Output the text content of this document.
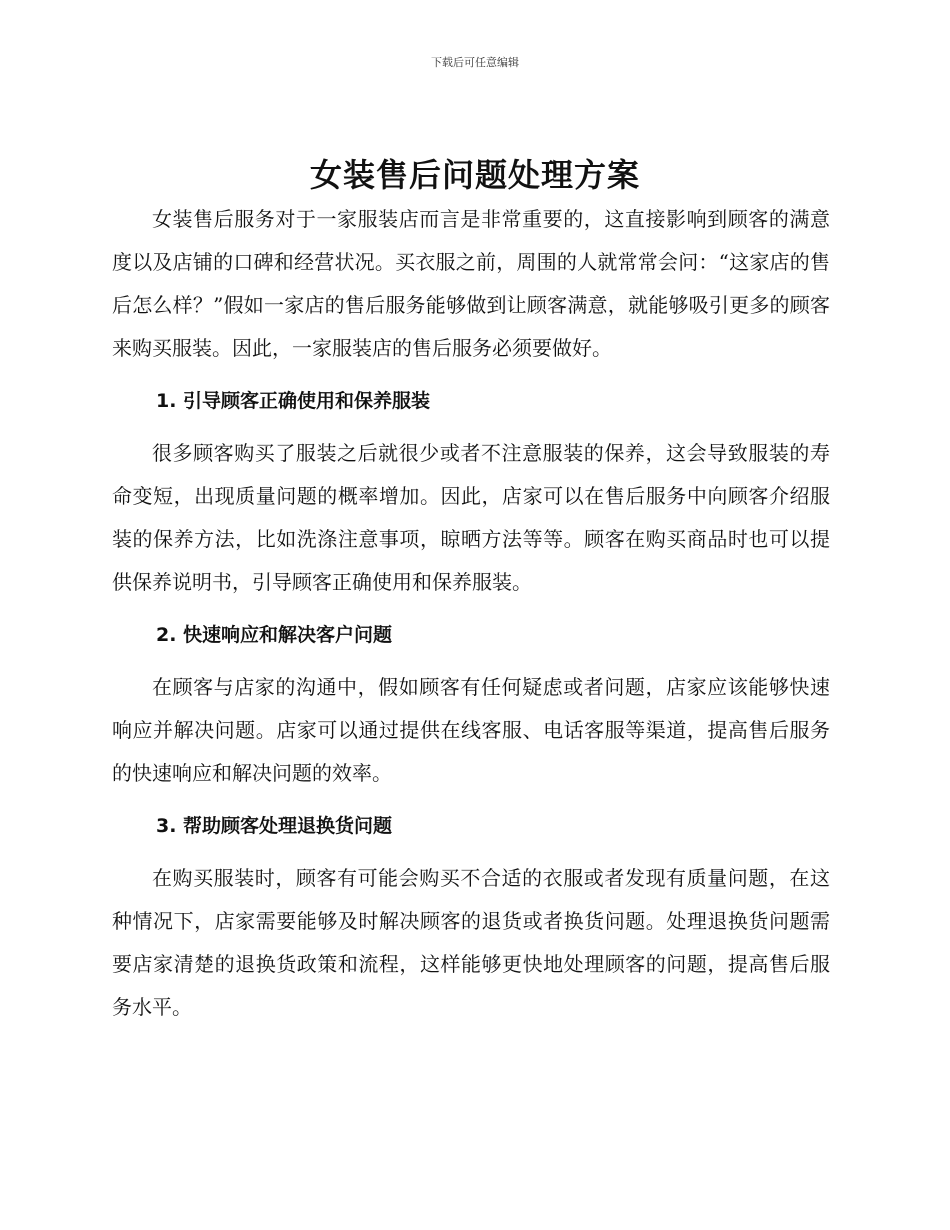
下载后可任意编辑
女装售后问题处理方案

女装售后服务对于一家服装店而言是非常重要的，这直接影响到顾客的满意度以及店铺的口碑和经营状况。买衣服之前，周围的人就常常会问：“这家店的售后怎么样？”假如一家店的售后服务能够做到让顾客满意，就能够吸引更多的顾客来购买服装。因此，一家服装店的售后服务必须要做好。

1. 引导顾客正确使用和保养服装

很多顾客购买了服装之后就很少或者不注意服装的保养，这会导致服装的寿命变短，出现质量问题的概率增加。因此，店家可以在售后服务中向顾客介绍服装的保养方法，比如洗涤注意事项，晾晒方法等等。顾客在购买商品时也可以提供保养说明书，引导顾客正确使用和保养服装。

2. 快速响应和解决客户问题

在顾客与店家的沟通中，假如顾客有任何疑虑或者问题，店家应该能够快速响应并解决问题。店家可以通过提供在线客服、电话客服等渠道，提高售后服务的快速响应和解决问题的效率。

3. 帮助顾客处理退换货问题

在购买服装时，顾客有可能会购买不合适的衣服或者发现有质量问题，在这种情况下，店家需要能够及时解决顾客的退货或者换货问题。处理退换货问题需要店家清楚的退换货政策和流程，这样能够更快地处理顾客的问题，提高售后服务水平。
